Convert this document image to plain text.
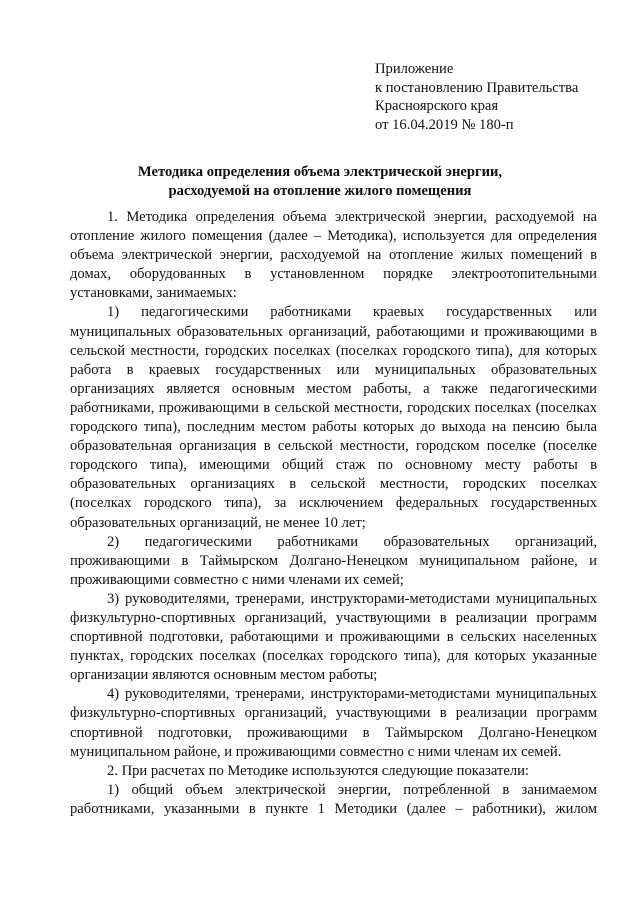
Приложение
к постановлению Правительства
Красноярского края
от 16.04.2019 № 180-п
Методика определения объема электрической энергии,
расходуемой на отопление жилого помещения

1. Методика определения объема электрической энергии, расходуемой на отопление жилого помещения (далее – Методика), используется для определения объема электрической энергии, расходуемой на отопление жилых помещений в домах, оборудованных в установленном порядке электроотопительными установками, занимаемых:

1) педагогическими работниками краевых государственных или муниципальных образовательных организаций, работающими и проживающими в сельской местности, городских поселках (поселках городского типа), для которых работа в краевых государственных или муниципальных образовательных организациях является основным местом работы, а также педагогическими работниками, проживающими в сельской местности, городских поселках (поселках городского типа), последним местом работы которых до выхода на пенсию была образовательная организация в сельской местности, городском поселке (поселке городского типа), имеющими общий стаж по основному месту работы в образовательных организациях в сельской местности, городских поселках (поселках городского типа), за исключением федеральных государственных образовательных организаций, не менее 10 лет;

2) педагогическими работниками образовательных организаций, проживающими в Таймырском Долгано-Ненецком муниципальном районе, и проживающими совместно с ними членами их семей;

3) руководителями, тренерами, инструкторами-методистами муниципальных физкультурно-спортивных организаций, участвующими в реализации программ спортивной подготовки, работающими и проживающими в сельских населенных пунктах, городских поселках (поселках городского типа), для которых указанные организации являются основным местом работы;

4) руководителями, тренерами, инструкторами-методистами муниципальных физкультурно-спортивных организаций, участвующими в реализации программ спортивной подготовки, проживающими в Таймырском Долгано-Ненецком муниципальном районе, и проживающими совместно с ними членам их семей.

2. При расчетах по Методике используются следующие показатели:

1) общий объем электрической энергии, потребленной в занимаемом работниками, указанными в пункте 1 Методики (далее – работники), жилом
